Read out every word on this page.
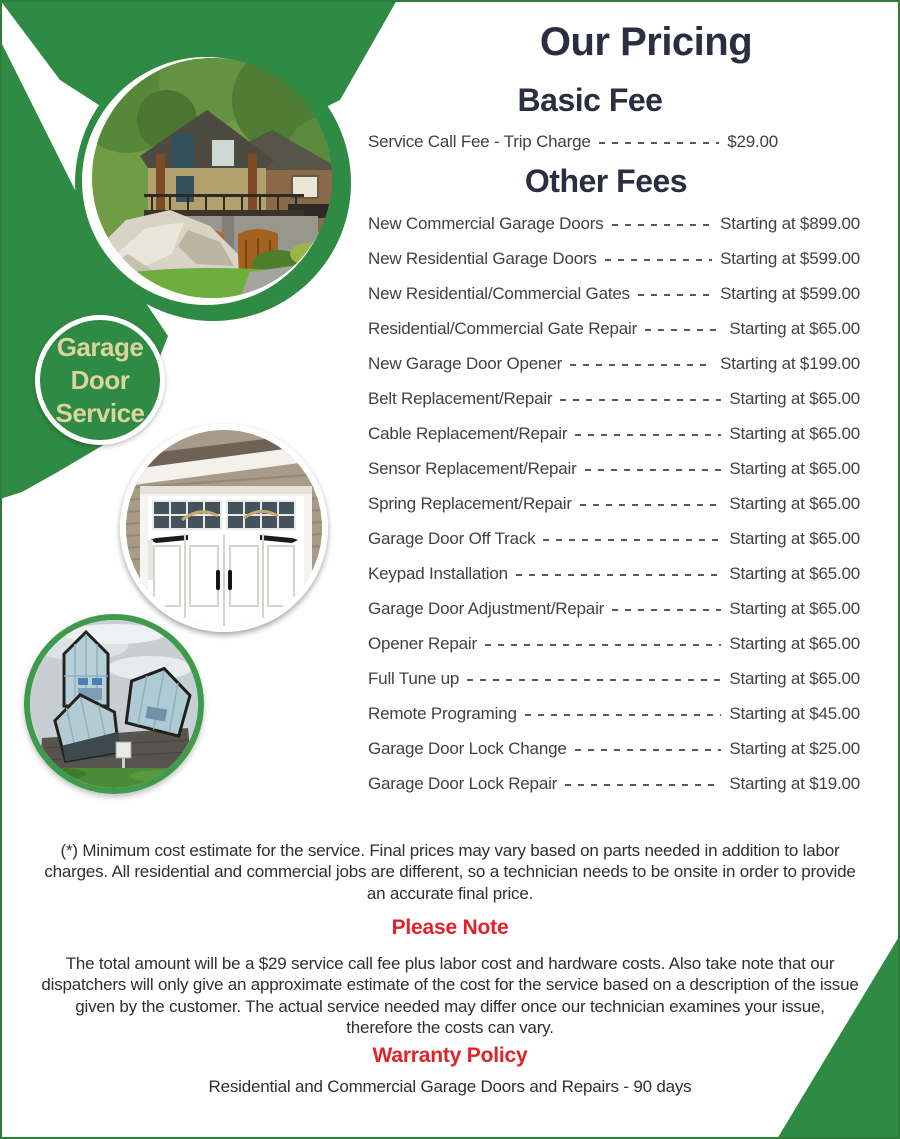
Garage
Door
Service
Our Pricing
Basic Fee
Service Call Fee - Trip Charge	$29.00
Other Fees
New Commercial Garage Doors	Starting at $899.00
New Residential Garage Doors	Starting at $599.00
New Residential/Commercial Gates	Starting at $599.00
Residential/Commercial Gate Repair	Starting at $65.00
New Garage Door Opener	Starting at $199.00
Belt Replacement/Repair	Starting at $65.00
Cable Replacement/Repair	Starting at $65.00
Sensor Replacement/Repair	Starting at $65.00
Spring Replacement/Repair	Starting at $65.00
Garage Door Off Track	Starting at $65.00
Keypad Installation	Starting at $65.00
Garage Door Adjustment/Repair	Starting at $65.00
Opener Repair	Starting at $65.00
Full Tune up	Starting at $65.00
Remote Programing	Starting at $45.00
Garage Door Lock Change	Starting at $25.00
Garage Door Lock Repair	Starting at $19.00

(*) Minimum cost estimate for the service. Final prices may vary based on parts needed in addition to labor charges. All residential and commercial jobs are different, so a technician needs to be onsite in order to provide an accurate final price.

Please Note

The total amount will be a $29 service call fee plus labor cost and hardware costs. Also take note that our dispatchers will only give an approximate estimate of the cost for the service based on a description of the issue given by the customer. The actual service needed may differ once our technician examines your issue, therefore the costs can vary.

Warranty Policy

Residential and Commercial Garage Doors and Repairs - 90 days
